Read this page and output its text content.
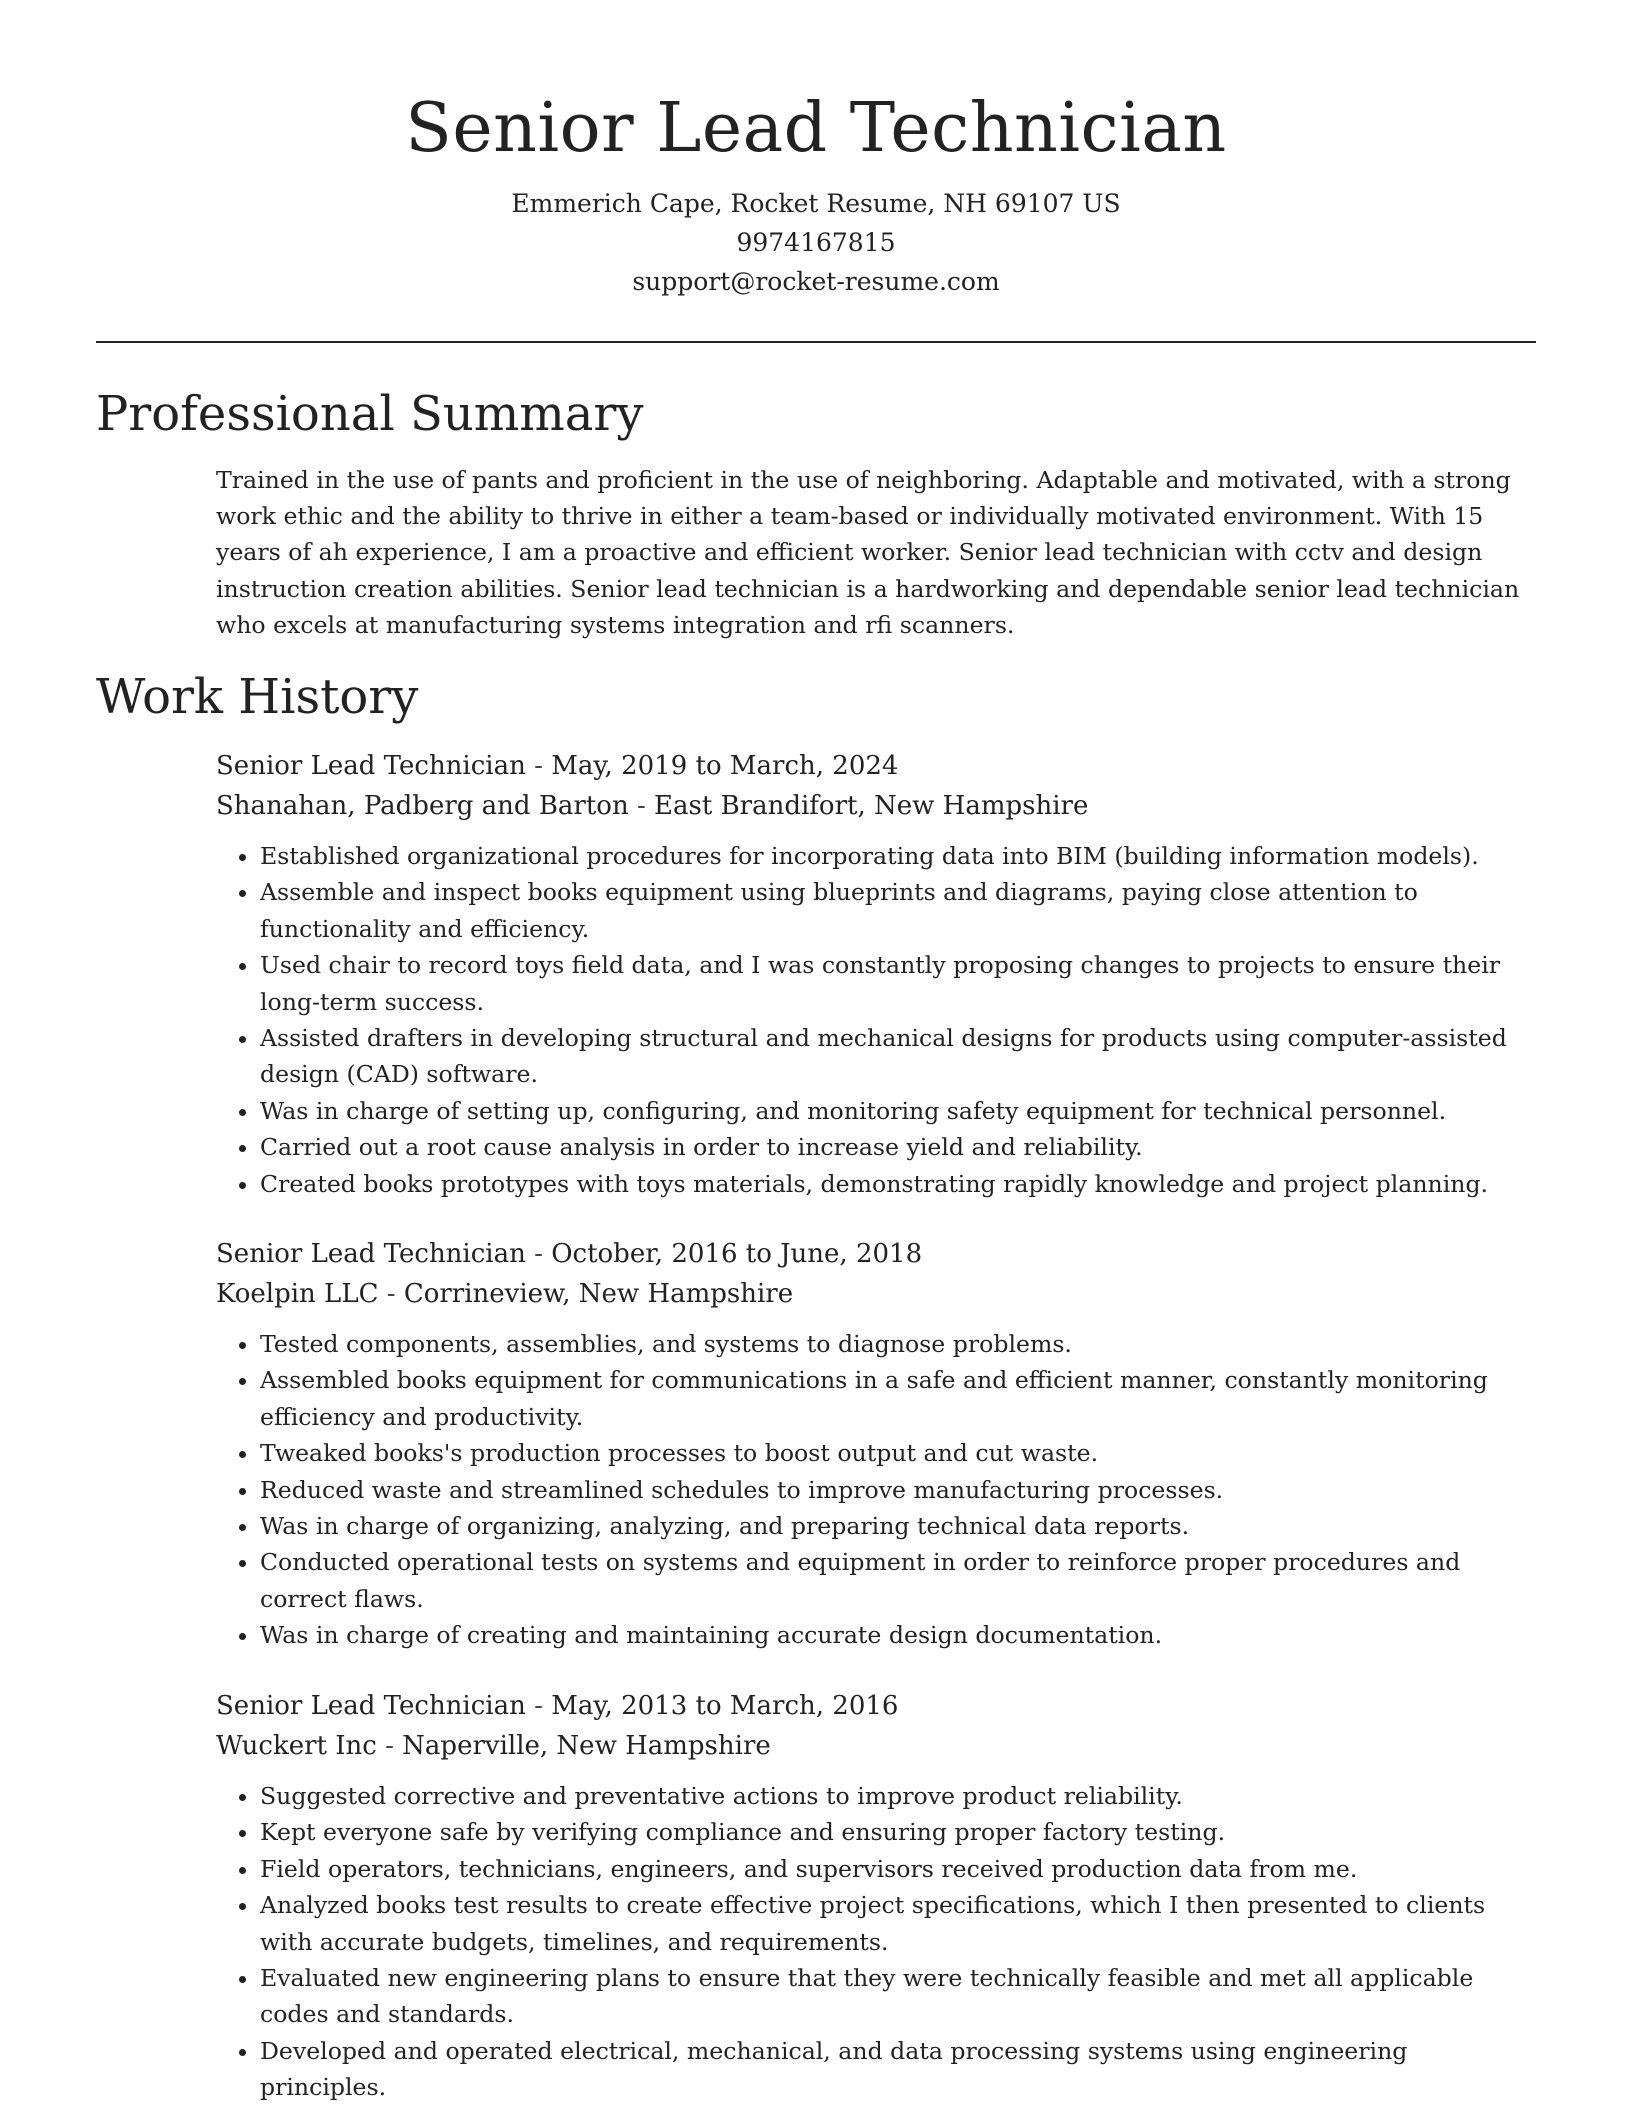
Senior Lead Technician
Emmerich Cape, Rocket Resume, NH 69107 US
9974167815
support@rocket-resume.com
Professional Summary
Trained in the use of pants and proficient in the use of neighboring. Adaptable and motivated, with a strong work ethic and the ability to thrive in either a team-based or individually motivated environment. With 15 years of ah experience, I am a proactive and efficient worker. Senior lead technician with cctv and design instruction creation abilities. Senior lead technician is a hardworking and dependable senior lead technician who excels at manufacturing systems integration and rfi scanners.
Work History
Senior Lead Technician - May, 2019 to March, 2024
Shanahan, Padberg and Barton - East Brandifort, New Hampshire
• Established organizational procedures for incorporating data into BIM (building information models).
• Assemble and inspect books equipment using blueprints and diagrams, paying close attention to functionality and efficiency.
• Used chair to record toys field data, and I was constantly proposing changes to projects to ensure their long-term success.
• Assisted drafters in developing structural and mechanical designs for products using computer-assisted design (CAD) software.
• Was in charge of setting up, configuring, and monitoring safety equipment for technical personnel.
• Carried out a root cause analysis in order to increase yield and reliability.
• Created books prototypes with toys materials, demonstrating rapidly knowledge and project planning.
Senior Lead Technician - October, 2016 to June, 2018
Koelpin LLC - Corrineview, New Hampshire
• Tested components, assemblies, and systems to diagnose problems.
• Assembled books equipment for communications in a safe and efficient manner, constantly monitoring efficiency and productivity.
• Tweaked books's production processes to boost output and cut waste.
• Reduced waste and streamlined schedules to improve manufacturing processes.
• Was in charge of organizing, analyzing, and preparing technical data reports.
• Conducted operational tests on systems and equipment in order to reinforce proper procedures and correct flaws.
• Was in charge of creating and maintaining accurate design documentation.
Senior Lead Technician - May, 2013 to March, 2016
Wuckert Inc - Naperville, New Hampshire
• Suggested corrective and preventative actions to improve product reliability.
• Kept everyone safe by verifying compliance and ensuring proper factory testing.
• Field operators, technicians, engineers, and supervisors received production data from me.
• Analyzed books test results to create effective project specifications, which I then presented to clients with accurate budgets, timelines, and requirements.
• Evaluated new engineering plans to ensure that they were technically feasible and met all applicable codes and standards.
• Developed and operated electrical, mechanical, and data processing systems using engineering principles.
